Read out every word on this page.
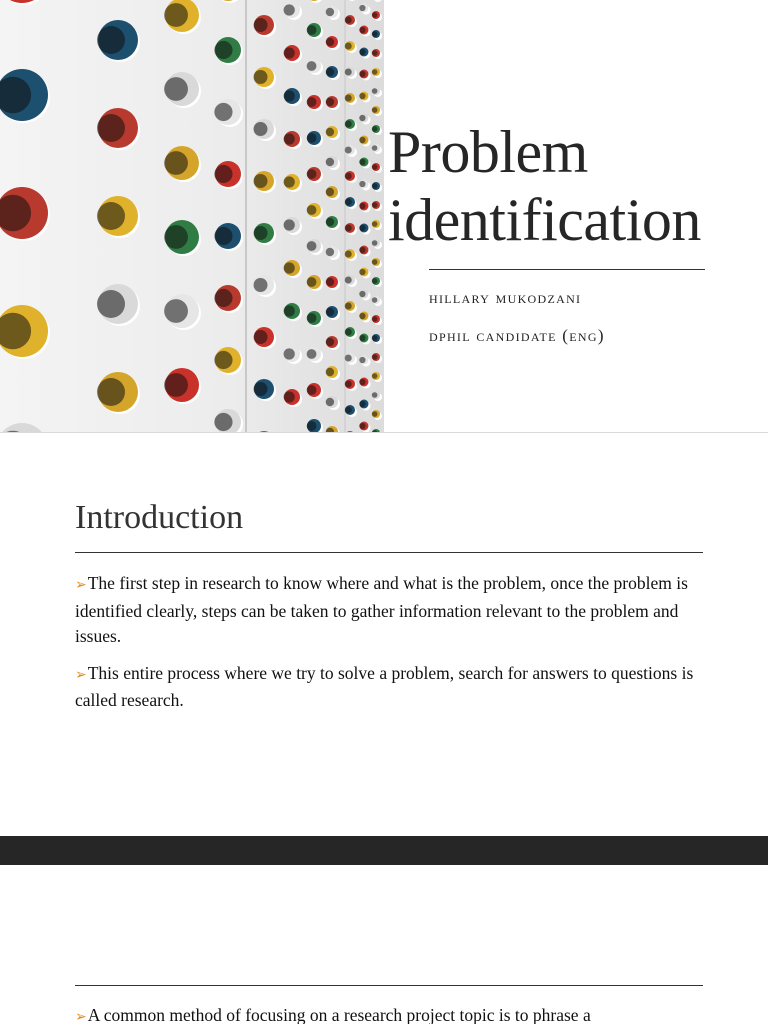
Problem
identification
hillary mukodzani
dphil candidate (eng)
Introduction

➢The first step in research to know where and what is the problem, once the problem is identified clearly, steps can be taken to gather information relevant to the problem and issues.

➢This entire process where we try to solve a problem, search for answers to questions is called research.

➢A common method of focusing on a research project topic is to phrase a
